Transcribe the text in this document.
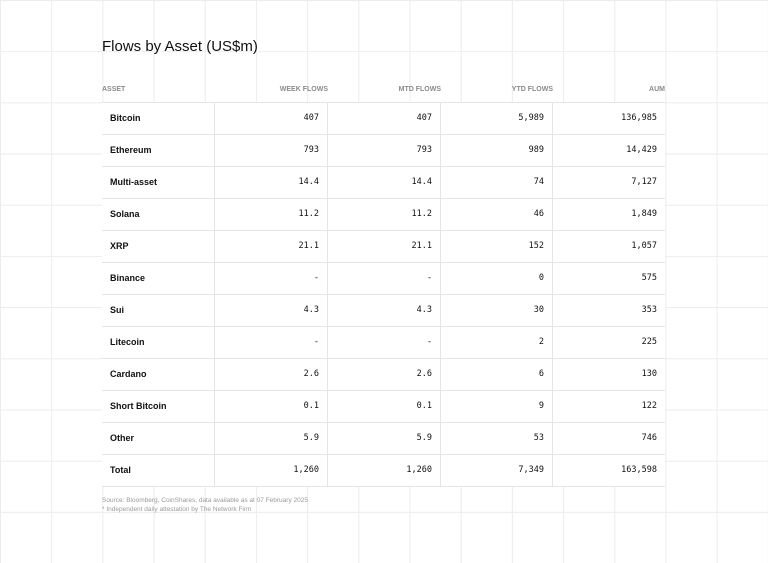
Flows by Asset (US$m)
ASSET	WEEK FLOWS	MTD FLOWS	YTD FLOWS	AUM
Bitcoin	407	407	5,989	136,985
Ethereum	793	793	989	14,429
Multi-asset	14.4	14.4	74	7,127
Solana	11.2	11.2	46	1,849
XRP	21.1	21.1	152	1,057
Binance	-	-	0	575
Sui	4.3	4.3	30	353
Litecoin	-	-	2	225
Cardano	2.6	2.6	6	130
Short Bitcoin	0.1	0.1	9	122
Other	5.9	5.9	53	746
Total	1,260	1,260	7,349	163,598
Source: Bloomberg, CoinShares, data available as at 07 February 2025
* Independent daily attestation by The Network Firm
